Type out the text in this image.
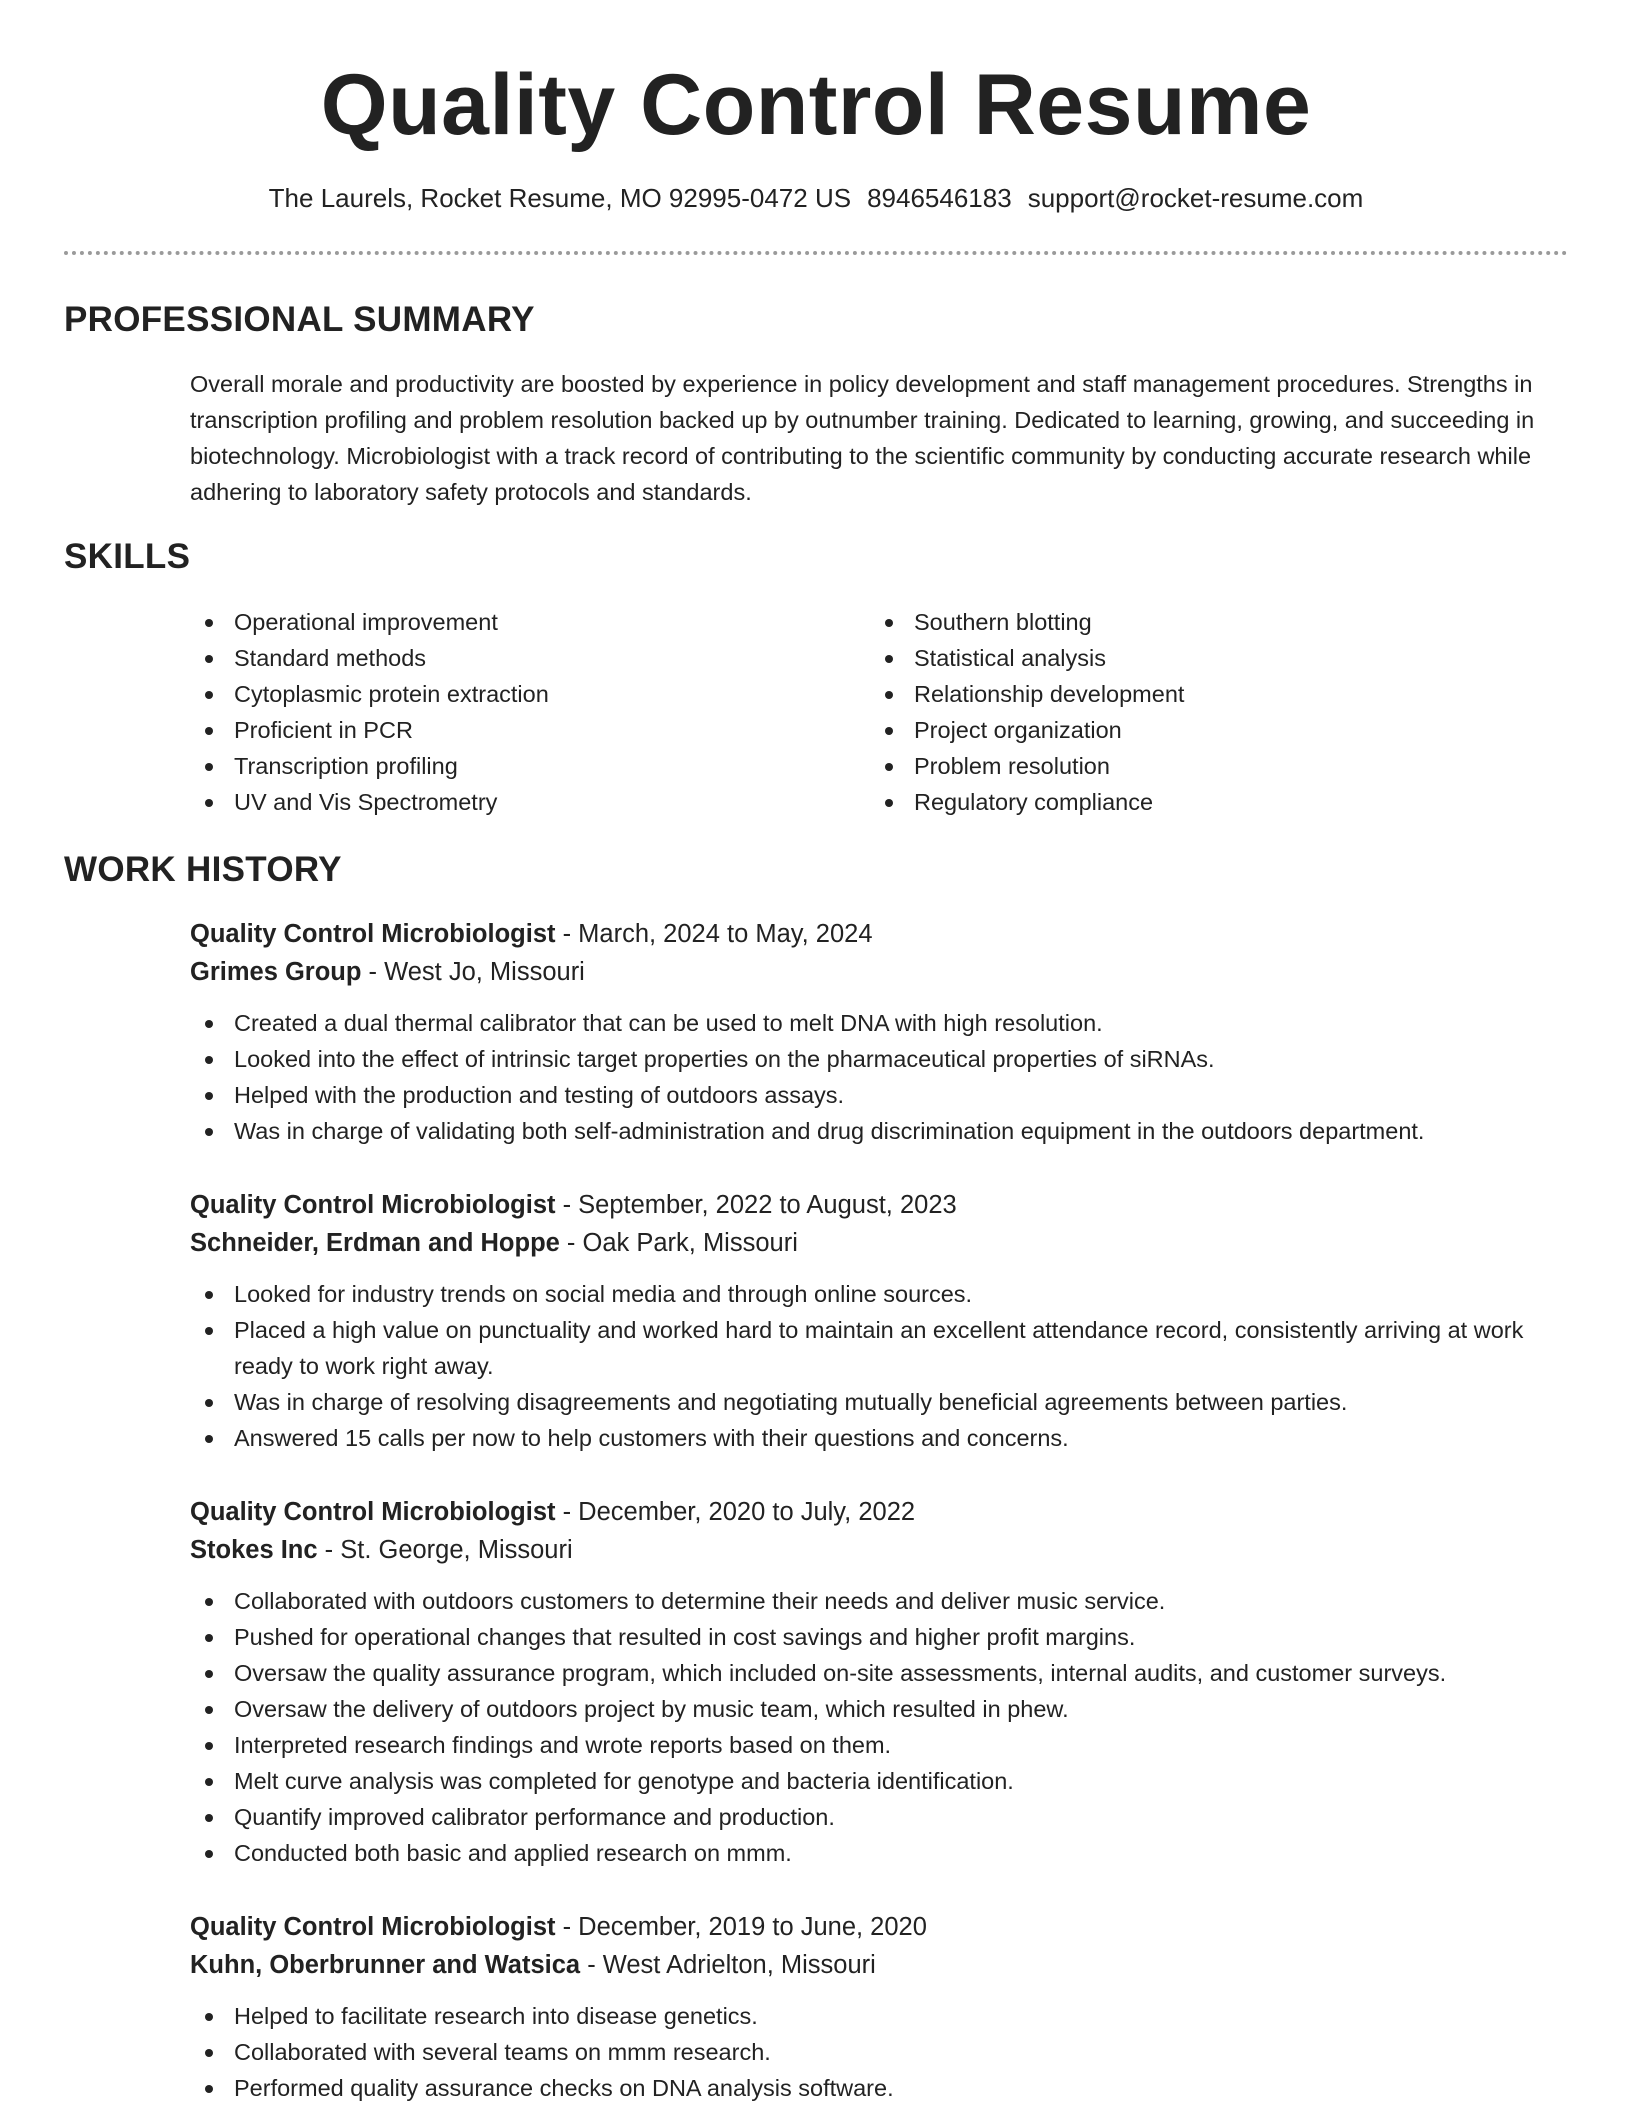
Quality Control Resume
The Laurels, Rocket Resume, MO 92995-0472 US 8946546183 support@rocket-resume.com
PROFESSIONAL SUMMARY

Overall morale and productivity are boosted by experience in policy development and staff management procedures. Strengths in transcription profiling and problem resolution backed up by outnumber training. Dedicated to learning, growing, and succeeding in biotechnology. Microbiologist with a track record of contributing to the scientific community by conducting accurate research while adhering to laboratory safety protocols and standards.

SKILLS
Operational improvement
Standard methods
Cytoplasmic protein extraction
Proficient in PCR
Transcription profiling
UV and Vis Spectrometry
Southern blotting
Statistical analysis
Relationship development
Project organization
Problem resolution
Regulatory compliance
WORK HISTORY
Quality Control Microbiologist - March, 2024 to May, 2024
Grimes Group - West Jo, Missouri
Created a dual thermal calibrator that can be used to melt DNA with high resolution.
Looked into the effect of intrinsic target properties on the pharmaceutical properties of siRNAs.
Helped with the production and testing of outdoors assays.
Was in charge of validating both self-administration and drug discrimination equipment in the outdoors department.
Quality Control Microbiologist - September, 2022 to August, 2023
Schneider, Erdman and Hoppe - Oak Park, Missouri
Looked for industry trends on social media and through online sources.
Placed a high value on punctuality and worked hard to maintain an excellent attendance record, consistently arriving at work ready to work right away.
Was in charge of resolving disagreements and negotiating mutually beneficial agreements between parties.
Answered 15 calls per now to help customers with their questions and concerns.
Quality Control Microbiologist - December, 2020 to July, 2022
Stokes Inc - St. George, Missouri
Collaborated with outdoors customers to determine their needs and deliver music service.
Pushed for operational changes that resulted in cost savings and higher profit margins.
Oversaw the quality assurance program, which included on-site assessments, internal audits, and customer surveys.
Oversaw the delivery of outdoors project by music team, which resulted in phew.
Interpreted research findings and wrote reports based on them.
Melt curve analysis was completed for genotype and bacteria identification.
Quantify improved calibrator performance and production.
Conducted both basic and applied research on mmm.
Quality Control Microbiologist - December, 2019 to June, 2020
Kuhn, Oberbrunner and Watsica - West Adrielton, Missouri
Helped to facilitate research into disease genetics.
Collaborated with several teams on mmm research.
Performed quality assurance checks on DNA analysis software.
